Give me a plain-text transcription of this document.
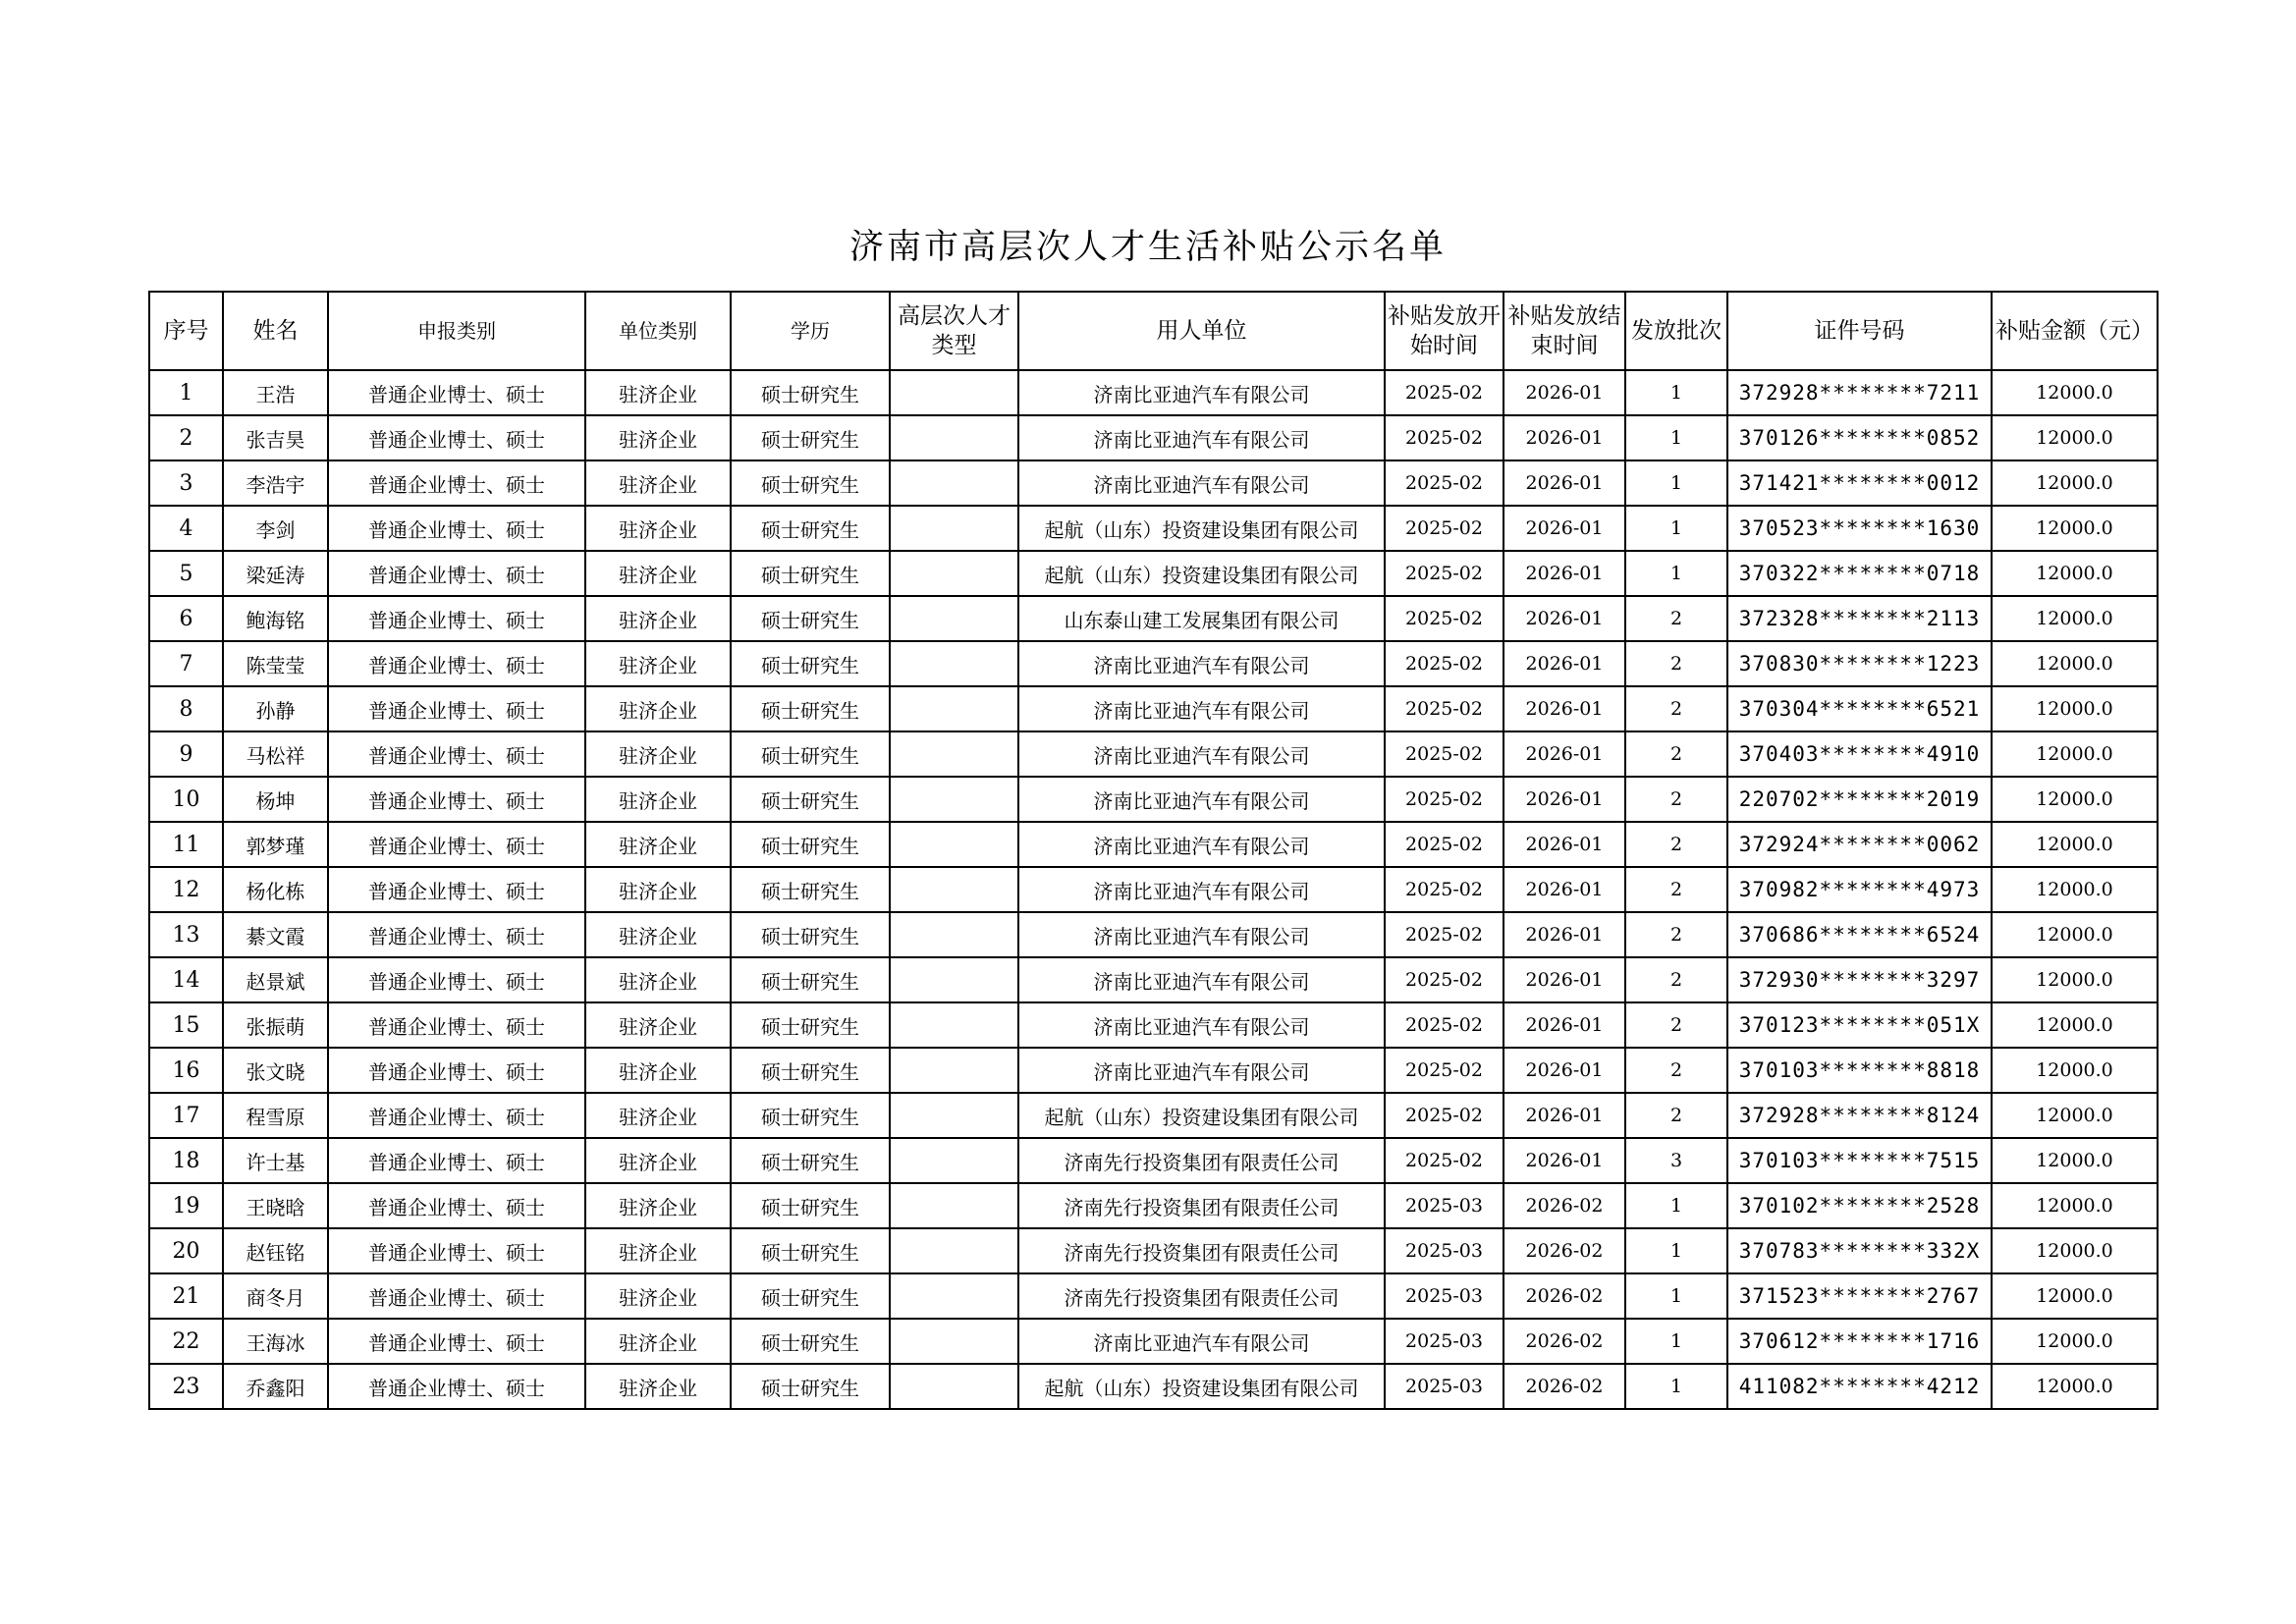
济南市高层次人才生活补贴公示名单
序号	姓名	申报类别	单位类别	学历	高层次人才类型	用人单位	补贴发放开始时间	补贴发放结束时间	发放批次	证件号码	补贴金额（元）
1	王浩	普通企业博士、硕士	驻济企业	硕士研究生		济南比亚迪汽车有限公司	2025-02	2026-01	1	372928********7211	12000.0
2	张吉昊	普通企业博士、硕士	驻济企业	硕士研究生		济南比亚迪汽车有限公司	2025-02	2026-01	1	370126********0852	12000.0
3	李浩宇	普通企业博士、硕士	驻济企业	硕士研究生		济南比亚迪汽车有限公司	2025-02	2026-01	1	371421********0012	12000.0
4	李剑	普通企业博士、硕士	驻济企业	硕士研究生		起航（山东）投资建设集团有限公司	2025-02	2026-01	1	370523********1630	12000.0
5	梁延涛	普通企业博士、硕士	驻济企业	硕士研究生		起航（山东）投资建设集团有限公司	2025-02	2026-01	1	370322********0718	12000.0
6	鲍海铭	普通企业博士、硕士	驻济企业	硕士研究生		山东泰山建工发展集团有限公司	2025-02	2026-01	2	372328********2113	12000.0
7	陈莹莹	普通企业博士、硕士	驻济企业	硕士研究生		济南比亚迪汽车有限公司	2025-02	2026-01	2	370830********1223	12000.0
8	孙静	普通企业博士、硕士	驻济企业	硕士研究生		济南比亚迪汽车有限公司	2025-02	2026-01	2	370304********6521	12000.0
9	马松祥	普通企业博士、硕士	驻济企业	硕士研究生		济南比亚迪汽车有限公司	2025-02	2026-01	2	370403********4910	12000.0
10	杨坤	普通企业博士、硕士	驻济企业	硕士研究生		济南比亚迪汽车有限公司	2025-02	2026-01	2	220702********2019	12000.0
11	郭梦瑾	普通企业博士、硕士	驻济企业	硕士研究生		济南比亚迪汽车有限公司	2025-02	2026-01	2	372924********0062	12000.0
12	杨化栋	普通企业博士、硕士	驻济企业	硕士研究生		济南比亚迪汽车有限公司	2025-02	2026-01	2	370982********4973	12000.0
13	綦文霞	普通企业博士、硕士	驻济企业	硕士研究生		济南比亚迪汽车有限公司	2025-02	2026-01	2	370686********6524	12000.0
14	赵景斌	普通企业博士、硕士	驻济企业	硕士研究生		济南比亚迪汽车有限公司	2025-02	2026-01	2	372930********3297	12000.0
15	张振萌	普通企业博士、硕士	驻济企业	硕士研究生		济南比亚迪汽车有限公司	2025-02	2026-01	2	370123********051X	12000.0
16	张文晓	普通企业博士、硕士	驻济企业	硕士研究生		济南比亚迪汽车有限公司	2025-02	2026-01	2	370103********8818	12000.0
17	程雪原	普通企业博士、硕士	驻济企业	硕士研究生		起航（山东）投资建设集团有限公司	2025-02	2026-01	2	372928********8124	12000.0
18	许士基	普通企业博士、硕士	驻济企业	硕士研究生		济南先行投资集团有限责任公司	2025-02	2026-01	3	370103********7515	12000.0
19	王晓晗	普通企业博士、硕士	驻济企业	硕士研究生		济南先行投资集团有限责任公司	2025-03	2026-02	1	370102********2528	12000.0
20	赵钰铭	普通企业博士、硕士	驻济企业	硕士研究生		济南先行投资集团有限责任公司	2025-03	2026-02	1	370783********332X	12000.0
21	商冬月	普通企业博士、硕士	驻济企业	硕士研究生		济南先行投资集团有限责任公司	2025-03	2026-02	1	371523********2767	12000.0
22	王海冰	普通企业博士、硕士	驻济企业	硕士研究生		济南比亚迪汽车有限公司	2025-03	2026-02	1	370612********1716	12000.0
23	乔鑫阳	普通企业博士、硕士	驻济企业	硕士研究生		起航（山东）投资建设集团有限公司	2025-03	2026-02	1	411082********4212	12000.0
